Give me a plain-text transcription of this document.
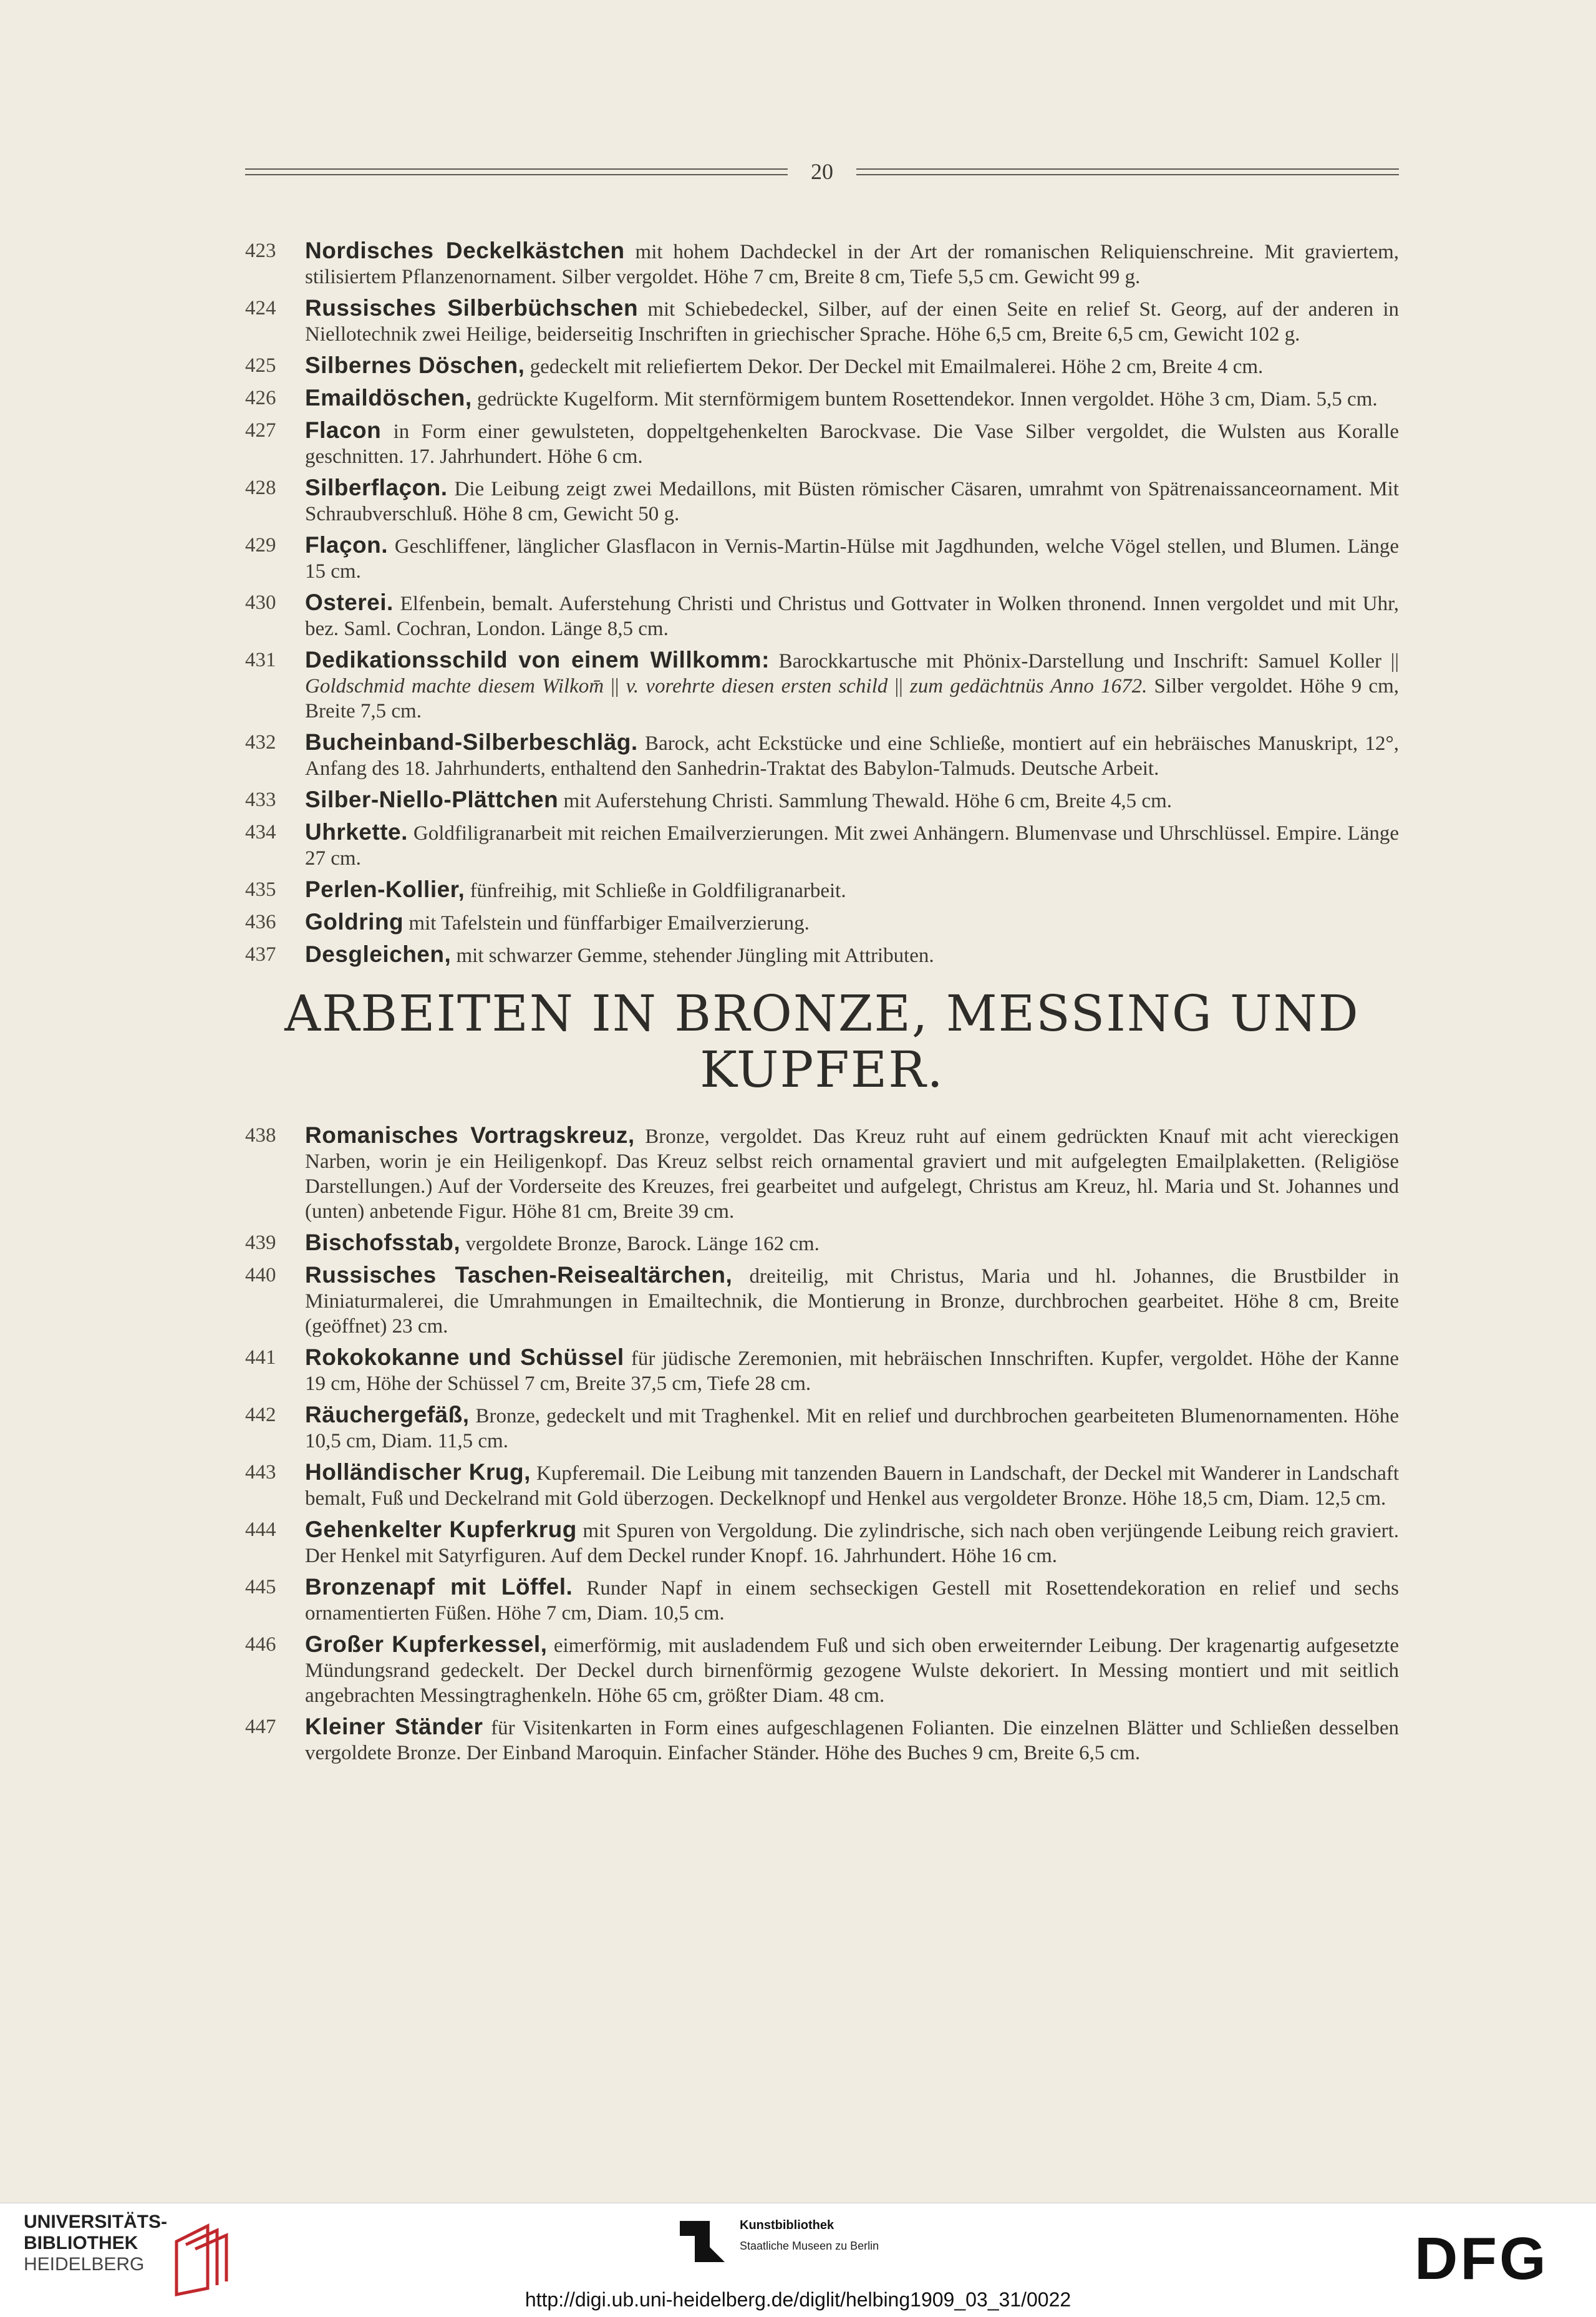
20
423 Nordisches Deckelkästchen mit hohem Dachdeckel in der Art der romanischen Reliquienschreine. Mit graviertem, stilisiertem Pflanzenornament. Silber vergoldet. Höhe 7 cm, Breite 8 cm, Tiefe 5,5 cm. Gewicht 99 g.
424 Russisches Silberbüchschen mit Schiebedeckel, Silber, auf der einen Seite en relief St. Georg, auf der anderen in Niellotechnik zwei Heilige, beiderseitig Inschriften in griechischer Sprache. Höhe 6,5 cm, Breite 6,5 cm, Gewicht 102 g.
425 Silbernes Döschen, gedeckelt mit reliefiertem Dekor. Der Deckel mit Emailmalerei. Höhe 2 cm, Breite 4 cm.
426 Emaildöschen, gedrückte Kugelform. Mit sternförmigem buntem Rosettendekor. Innen vergoldet. Höhe 3 cm, Diam. 5,5 cm.
427 Flacon in Form einer gewulsteten, doppeltgehenkelten Barockvase. Die Vase Silber vergoldet, die Wulsten aus Koralle geschnitten. 17. Jahrhundert. Höhe 6 cm.
428 Silberflaçon. Die Leibung zeigt zwei Medaillons, mit Büsten römischer Cäsaren, umrahmt von Spätrenaissanceornament. Mit Schraubverschluß. Höhe 8 cm, Gewicht 50 g.
429 Flaçon. Geschliffener, länglicher Glasflacon in Vernis-Martin-Hülse mit Jagdhunden, welche Vögel stellen, und Blumen. Länge 15 cm.
430 Osterei. Elfenbein, bemalt. Auferstehung Christi und Christus und Gottvater in Wolken thronend. Innen vergoldet und mit Uhr, bez. Saml. Cochran, London. Länge 8,5 cm.
431 Dedikationsschild von einem Willkomm: Barockkartusche mit Phönix-Darstellung und Inschrift: Samuel Koller || Goldschmid machte diesem Wilkom̄ || v. vorehrte diesen ersten schild || zum gedächtnüs Anno 1672. Silber vergoldet. Höhe 9 cm, Breite 7,5 cm.
432 Bucheinband-Silberbeschläg. Barock, acht Eckstücke und eine Schließe, montiert auf ein hebräisches Manuskript, 12°, Anfang des 18. Jahrhunderts, enthaltend den Sanhedrin-Traktat des Babylon-Talmuds. Deutsche Arbeit.
433 Silber-Niello-Plättchen mit Auferstehung Christi. Sammlung Thewald. Höhe 6 cm, Breite 4,5 cm.
434 Uhrkette. Goldfiligranarbeit mit reichen Emailverzierungen. Mit zwei Anhängern. Blumenvase und Uhrschlüssel. Empire. Länge 27 cm.
435 Perlen-Kollier, fünfreihig, mit Schließe in Goldfiligranarbeit.
436 Goldring mit Tafelstein und fünffarbiger Emailverzierung.
437 Desgleichen, mit schwarzer Gemme, stehender Jüngling mit Attributen.
ARBEITEN IN BRONZE, MESSING UND
KUPFER.
438 Romanisches Vortragskreuz, Bronze, vergoldet. Das Kreuz ruht auf einem gedrückten Knauf mit acht viereckigen Narben, worin je ein Heiligenkopf. Das Kreuz selbst reich ornamental graviert und mit aufgelegten Emailplaketten. (Religiöse Darstellungen.) Auf der Vorderseite des Kreuzes, frei gearbeitet und aufgelegt, Christus am Kreuz, hl. Maria und St. Johannes und (unten) anbetende Figur. Höhe 81 cm, Breite 39 cm.
439 Bischofsstab, vergoldete Bronze, Barock. Länge 162 cm.
440 Russisches Taschen-Reisealtärchen, dreiteilig, mit Christus, Maria und hl. Johannes, die Brustbilder in Miniaturmalerei, die Umrahmungen in Emailtechnik, die Montierung in Bronze, durchbrochen gearbeitet. Höhe 8 cm, Breite (geöffnet) 23 cm.
441 Rokokokanne und Schüssel für jüdische Zeremonien, mit hebräischen Innschriften. Kupfer, vergoldet. Höhe der Kanne 19 cm, Höhe der Schüssel 7 cm, Breite 37,5 cm, Tiefe 28 cm.
442 Räuchergefäß, Bronze, gedeckelt und mit Traghenkel. Mit en relief und durchbrochen gearbeiteten Blumenornamenten. Höhe 10,5 cm, Diam. 11,5 cm.
443 Holländischer Krug, Kupferemail. Die Leibung mit tanzenden Bauern in Landschaft, der Deckel mit Wanderer in Landschaft bemalt, Fuß und Deckelrand mit Gold überzogen. Deckelknopf und Henkel aus vergoldeter Bronze. Höhe 18,5 cm, Diam. 12,5 cm.
444 Gehenkelter Kupferkrug mit Spuren von Vergoldung. Die zylindrische, sich nach oben verjüngende Leibung reich graviert. Der Henkel mit Satyrfiguren. Auf dem Deckel runder Knopf. 16. Jahrhundert. Höhe 16 cm.
445 Bronzenapf mit Löffel. Runder Napf in einem sechseckigen Gestell mit Rosettendekoration en relief und sechs ornamentierten Füßen. Höhe 7 cm, Diam. 10,5 cm.
446 Großer Kupferkessel, eimerförmig, mit ausladendem Fuß und sich oben erweiternder Leibung. Der kragenartig aufgesetzte Mündungsrand gedeckelt. Der Deckel durch birnenförmig gezogene Wulste dekoriert. In Messing montiert und mit seitlich angebrachten Messingtraghenkeln. Höhe 65 cm, größter Diam. 48 cm.
447 Kleiner Ständer für Visitenkarten in Form eines aufgeschlagenen Folianten. Die einzelnen Blätter und Schließen desselben vergoldete Bronze. Der Einband Maroquin. Einfacher Ständer. Höhe des Buches 9 cm, Breite 6,5 cm.
UNIVERSITÄTS-
BIBLIOTHEK
HEIDELBERG
Kunstbibliothek
Staatliche Museen zu Berlin	DFG
http://digi.ub.uni-heidelberg.de/diglit/helbing1909_03_31/0022
